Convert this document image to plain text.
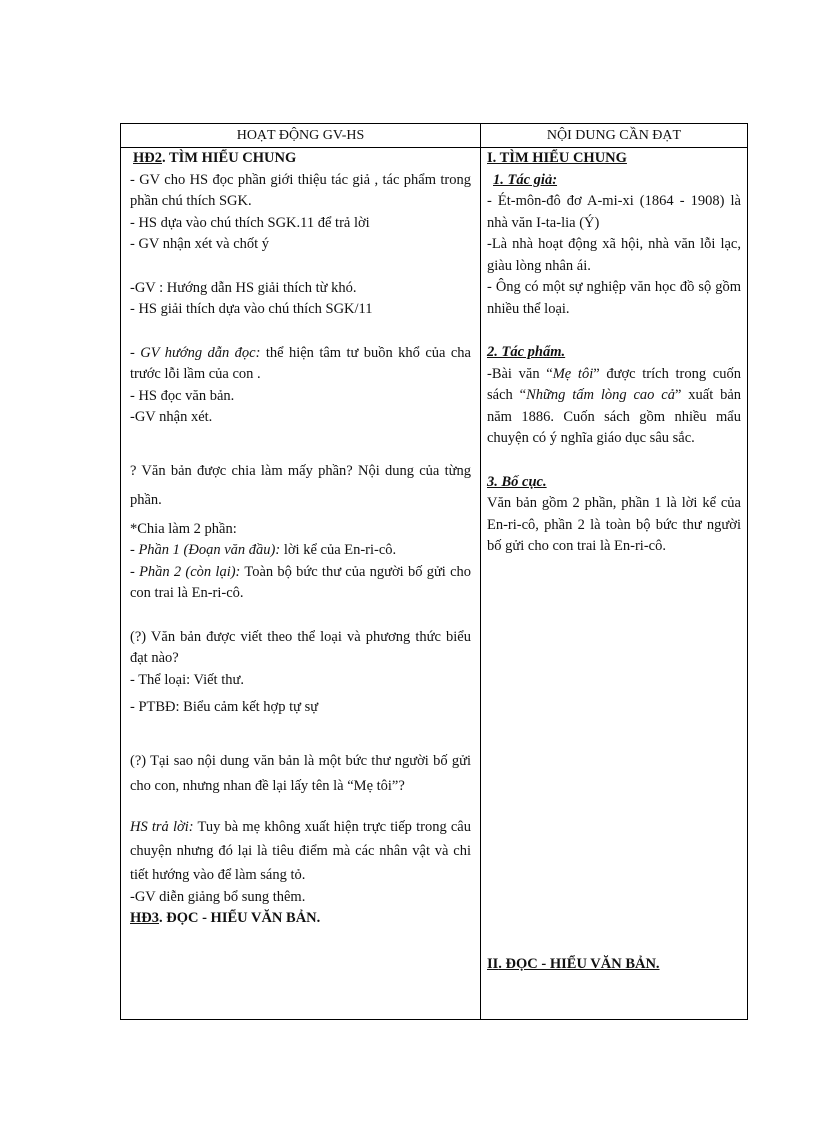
HOẠT ĐỘNG GV-HS	NỘI DUNG CẦN ĐẠT

HĐ2. TÌM HIỂU CHUNG

- GV cho HS đọc phần giới thiệu tác giả , tác phẩm trong phần chú thích SGK.

- HS dựa vào chú thích SGK.11 để trả lời

- GV nhận xét và chốt ý

-GV : Hướng dẫn HS giải thích từ khó.

- HS giải thích dựa vào chú thích SGK/11

- GV hướng dẫn đọc: thể hiện tâm tư buồn khổ của cha trước lỗi lầm của con .

- HS đọc văn bản.

-GV nhận xét.

? Văn bản được chia làm mấy phần? Nội dung của từng phần.

*Chia làm 2 phần:

- Phần 1 (Đoạn văn đầu): lời kể của En-ri-cô.

- Phần 2 (còn lại): Toàn bộ bức thư của người bố gửi cho con trai là En-ri-cô.

(?) Văn bản được viết theo thể loại và phương thức biểu đạt nào?

- Thể loại: Viết thư.

- PTBĐ: Biểu cảm kết hợp tự sự

(?) Tại sao nội dung văn bản là một bức thư người bố gửi cho con, nhưng nhan đề lại lấy tên là “Mẹ tôi”?

HS trả lời: Tuy bà mẹ không xuất hiện trực tiếp trong câu chuyện nhưng đó lại là tiêu điểm mà các nhân vật và chi tiết hướng vào để làm sáng tỏ.

-GV diễn giảng bổ sung thêm.

HĐ3. ĐỌC - HIỂU VĂN BẢN.

I. TÌM HIỂU CHUNG

1. Tác giả:

- Ét-môn-đô đơ A-mi-xi (1864 - 1908) là nhà văn I-ta-lia (Ý)

-Là nhà hoạt động xã hội, nhà văn lỗi lạc, giàu lòng nhân ái.

- Ông có một sự nghiệp văn học đồ sộ gồm nhiều thể loại.

2. Tác phẩm.

-Bài văn “Mẹ tôi” được trích trong cuốn sách “Những tấm lòng cao cả” xuất bản năm 1886. Cuốn sách gồm nhiều mẩu chuyện có ý nghĩa giáo dục sâu sắc.

3. Bố cục.

Văn bản gồm 2 phần, phần 1 là lời kể của En-ri-cô, phần 2 là toàn bộ bức thư người bố gửi cho con trai là En-ri-cô.

II. ĐỌC - HIỂU VĂN BẢN.
